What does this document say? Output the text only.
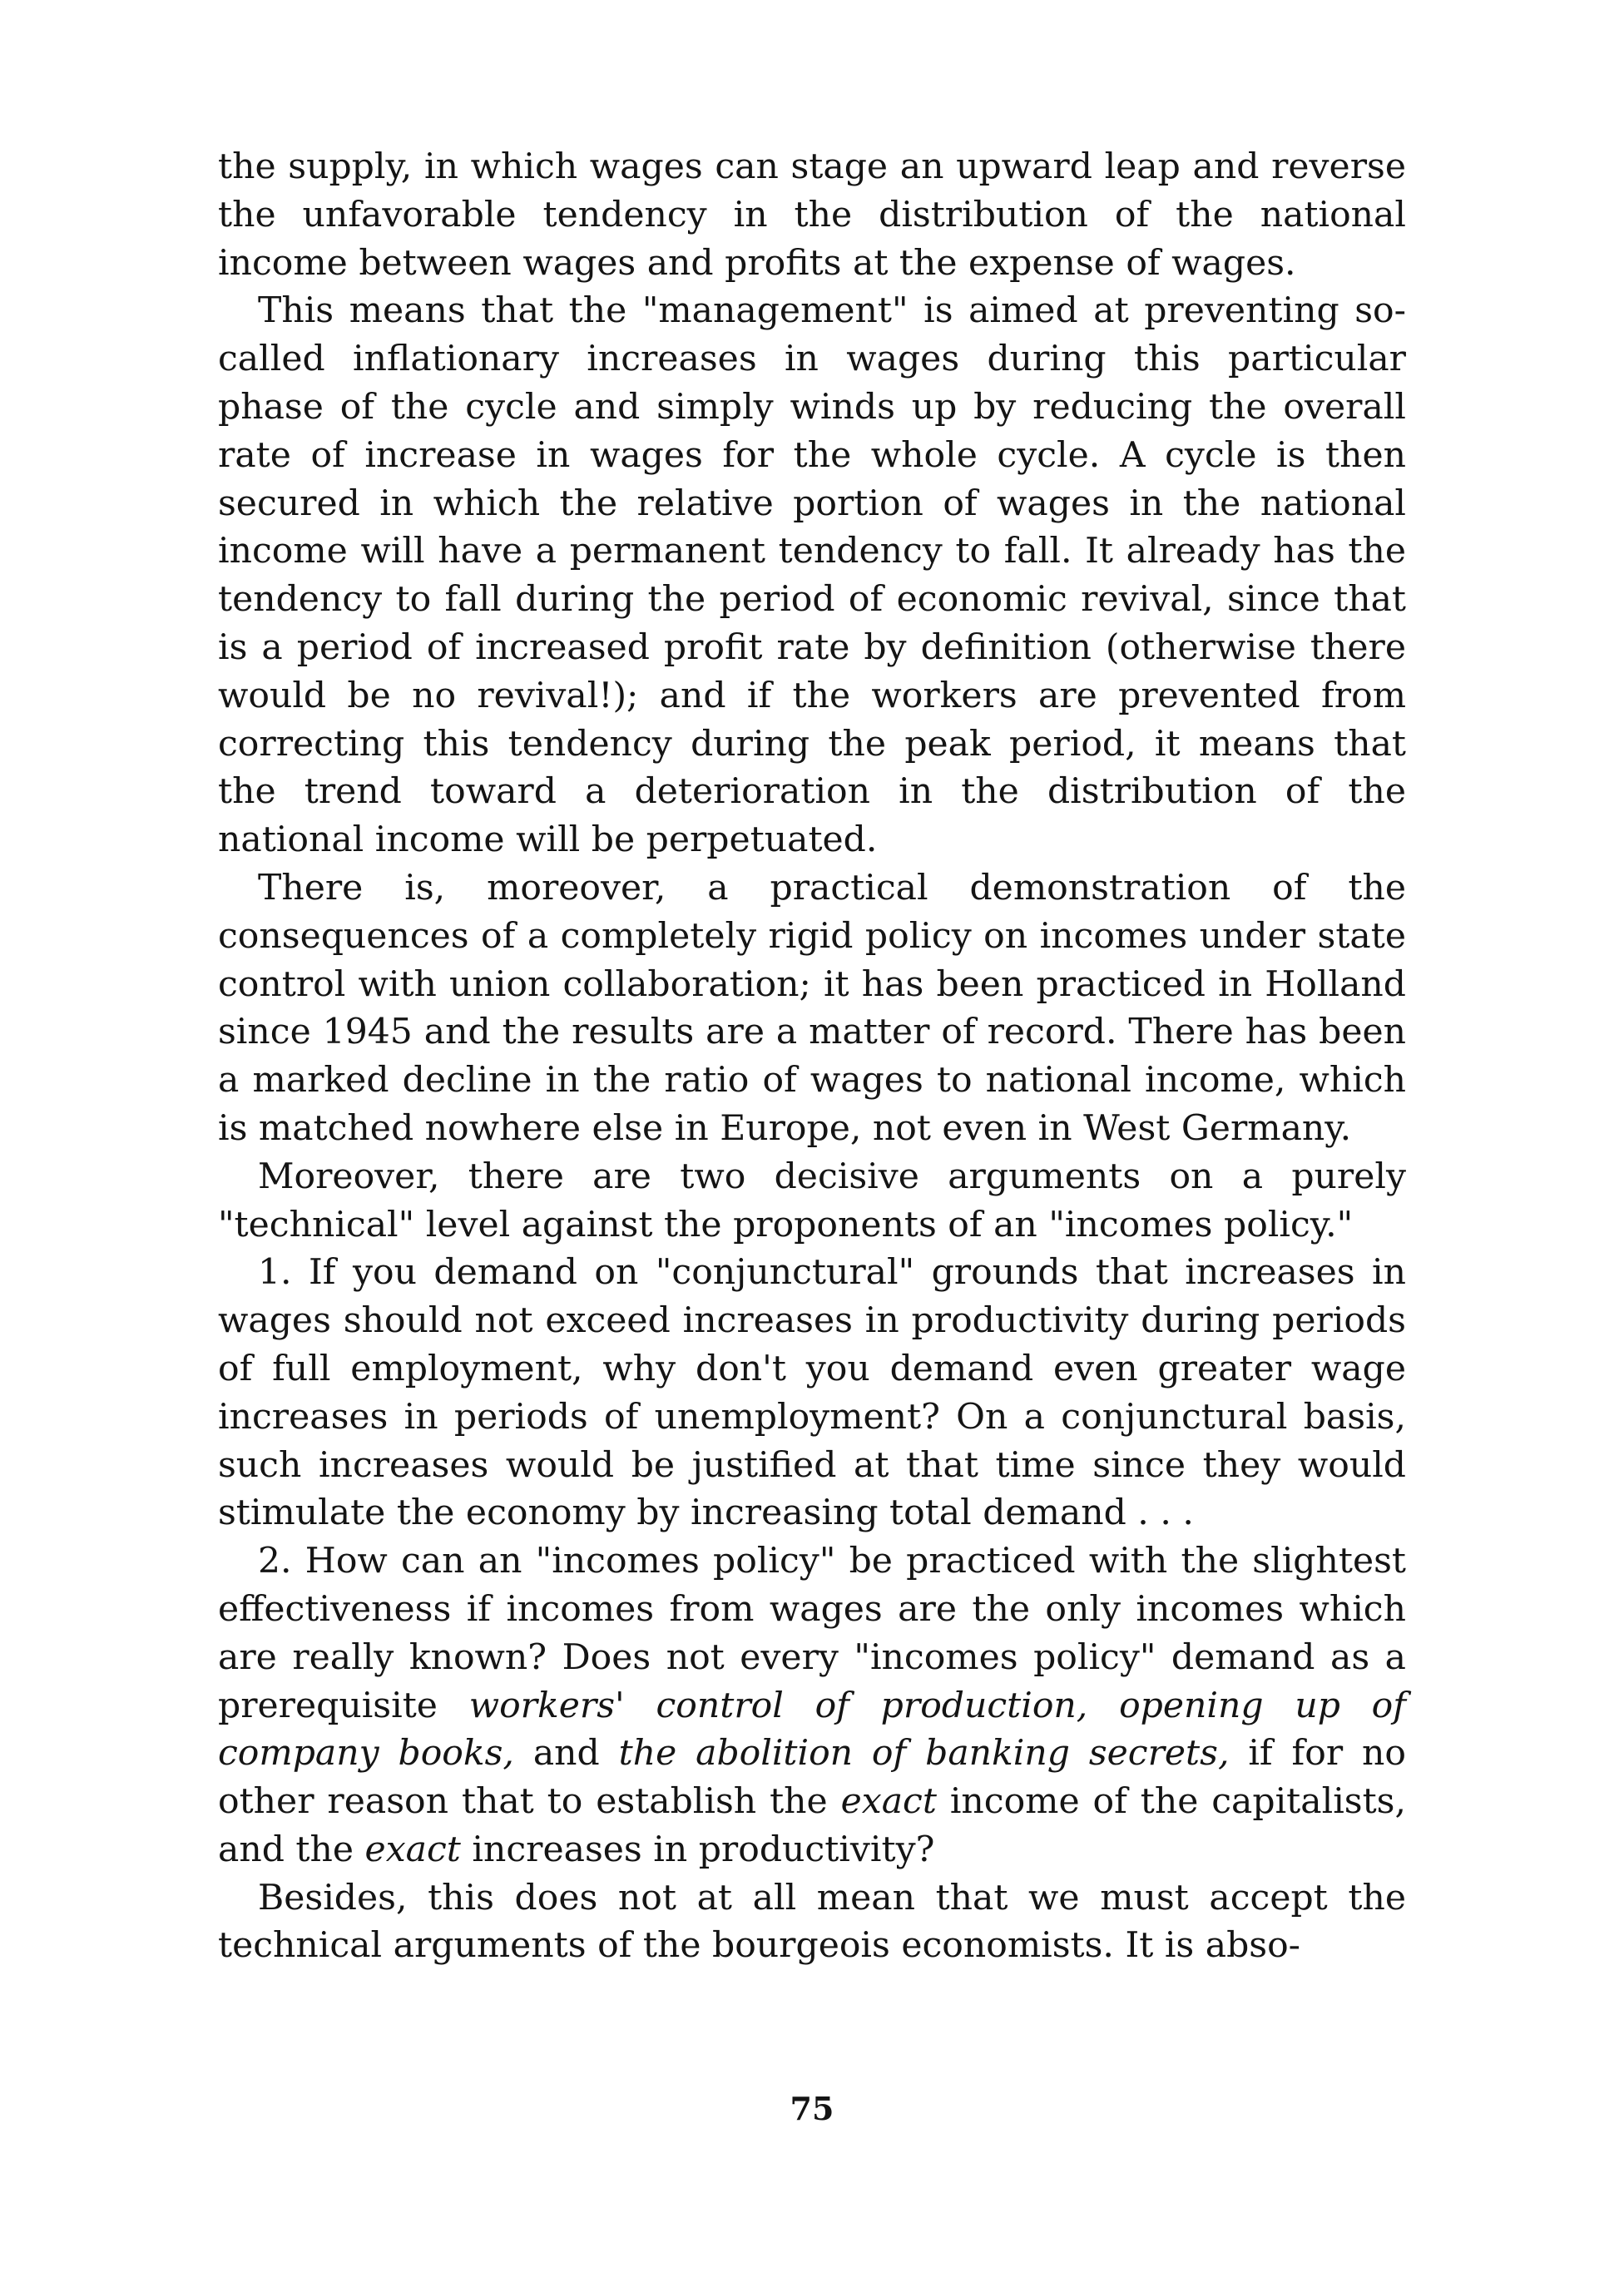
the supply, in which wages can stage an upward leap and reverse the unfavorable tendency in the distribution of the national income between wages and profits at the expense of wages.

This means that the "management" is aimed at preventing so-called inflationary increases in wages during this particular phase of the cycle and simply winds up by reducing the overall rate of increase in wages for the whole cycle. A cycle is then secured in which the relative portion of wages in the national income will have a permanent tendency to fall. It already has the tendency to fall during the period of economic revival, since that is a period of increased profit rate by definition (otherwise there would be no revival!); and if the workers are prevented from correcting this tendency during the peak period, it means that the trend toward a deterioration in the distribution of the national income will be perpetuated.

There is, moreover, a practical demonstration of the consequences of a completely rigid policy on incomes under state control with union collaboration; it has been practiced in Holland since 1945 and the results are a matter of record. There has been a marked decline in the ratio of wages to national income, which is matched nowhere else in Europe, not even in West Germany.

Moreover, there are two decisive arguments on a purely "technical" level against the proponents of an "incomes policy."

1. If you demand on "conjunctural" grounds that increases in wages should not exceed increases in productivity during periods of full employment, why don't you demand even greater wage increases in periods of unemployment? On a conjunctural basis, such increases would be justified at that time since they would stimulate the economy by increasing total demand . . .

2. How can an "incomes policy" be practiced with the slightest effectiveness if incomes from wages are the only incomes which are really known? Does not every "incomes policy" demand as a prerequisite workers' control of production, opening up of company books, and the abolition of banking secrets, if for no other reason that to establish the exact income of the capitalists, and the exact increases in productivity?

Besides, this does not at all mean that we must accept the technical arguments of the bourgeois economists. It is abso-

75
